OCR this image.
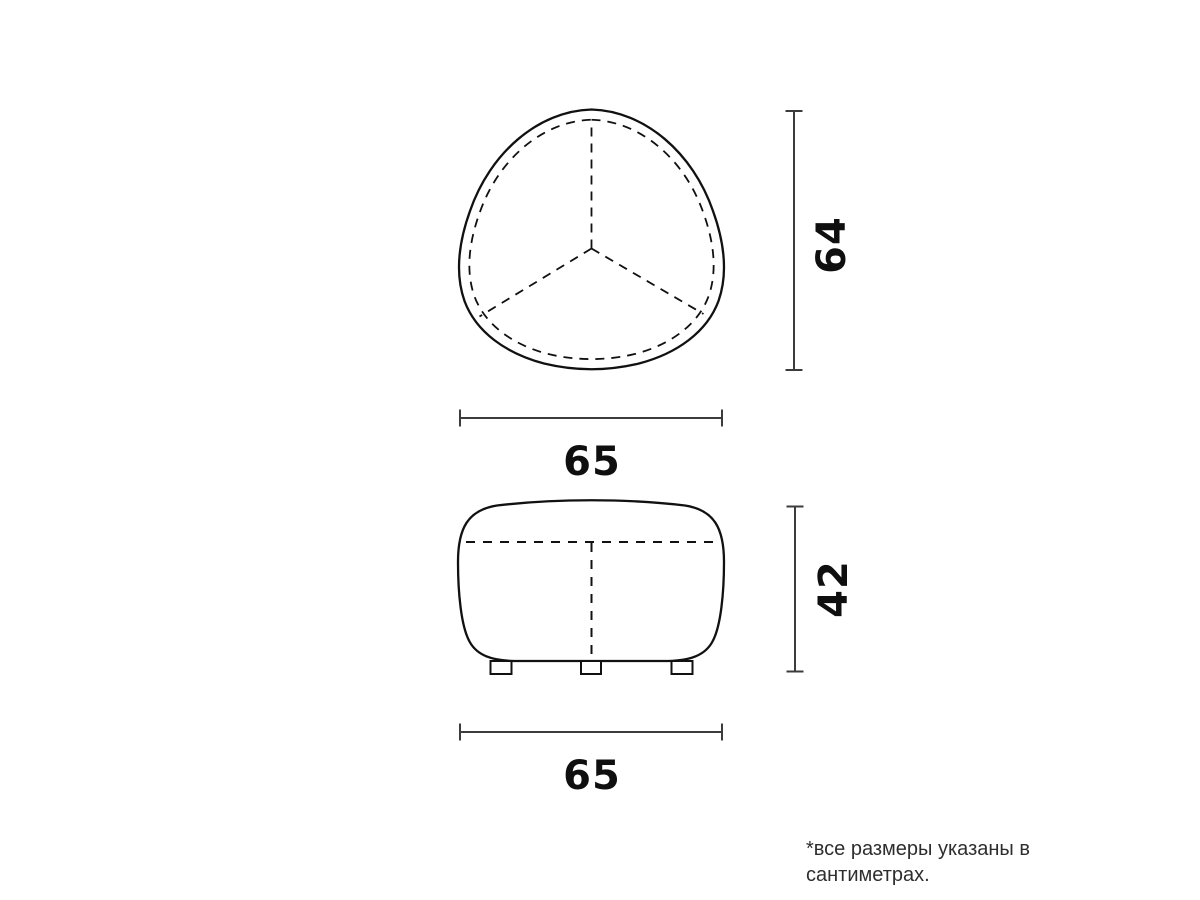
64
65
42
65
*все размеры указаны в сантиметрах.
